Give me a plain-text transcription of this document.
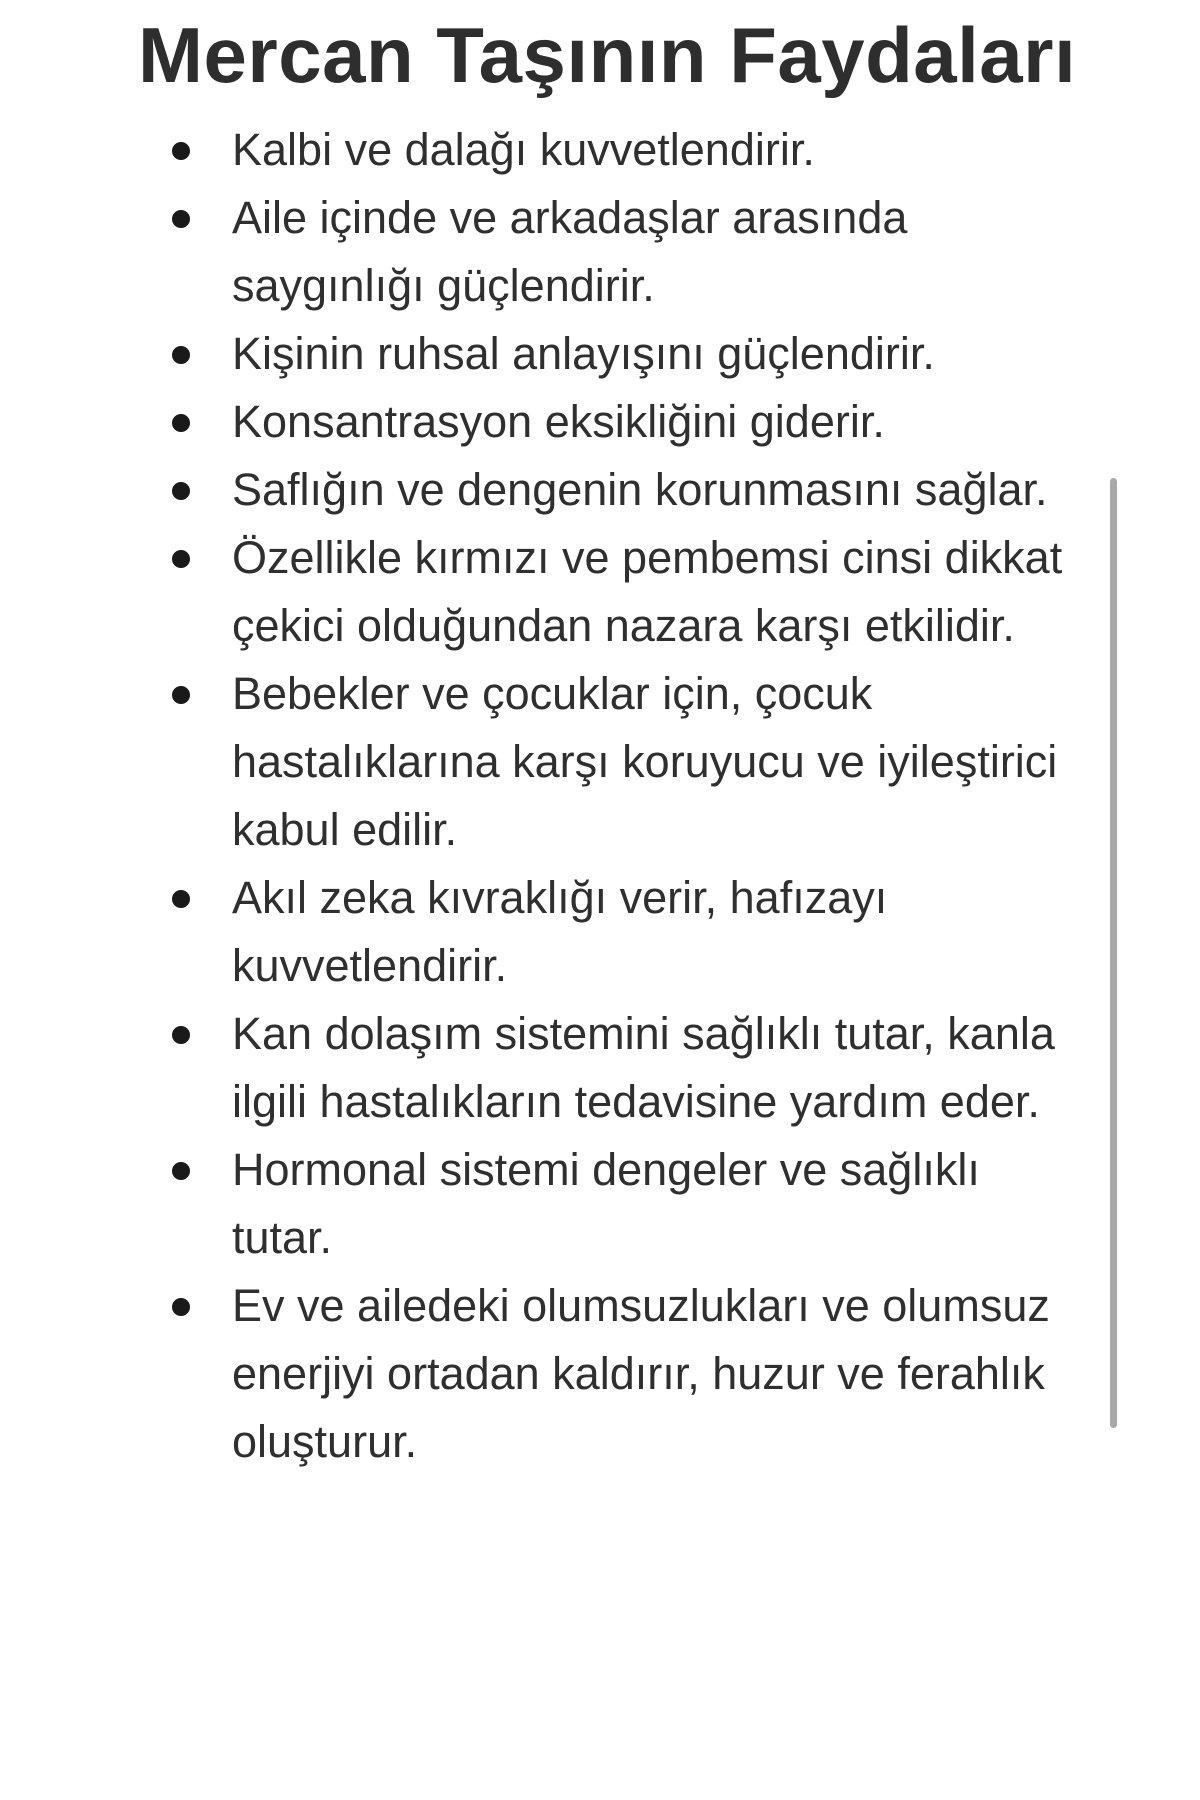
Mercan Taşının Faydaları
Kalbi ve dalağı kuvvetlendirir.
Aile içinde ve arkadaşlar arasında saygınlığı güçlendirir.
Kişinin ruhsal anlayışını güçlendirir.
Konsantrasyon eksikliğini giderir.
Saflığın ve dengenin korunmasını sağlar.
Özellikle kırmızı ve pembemsi cinsi dikkat çekici olduğundan nazara karşı etkilidir.
Bebekler ve çocuklar için, çocuk hastalıklarına karşı koruyucu ve iyileştirici kabul edilir.
Akıl zeka kıvraklığı verir, hafızayı kuvvetlendirir.
Kan dolaşım sistemini sağlıklı tutar, kanla ilgili hastalıkların tedavisine yardım eder.
Hormonal sistemi dengeler ve sağlıklı tutar.
Ev ve ailedeki olumsuzlukları ve olumsuz enerjiyi ortadan kaldırır, huzur ve ferahlık oluşturur.
